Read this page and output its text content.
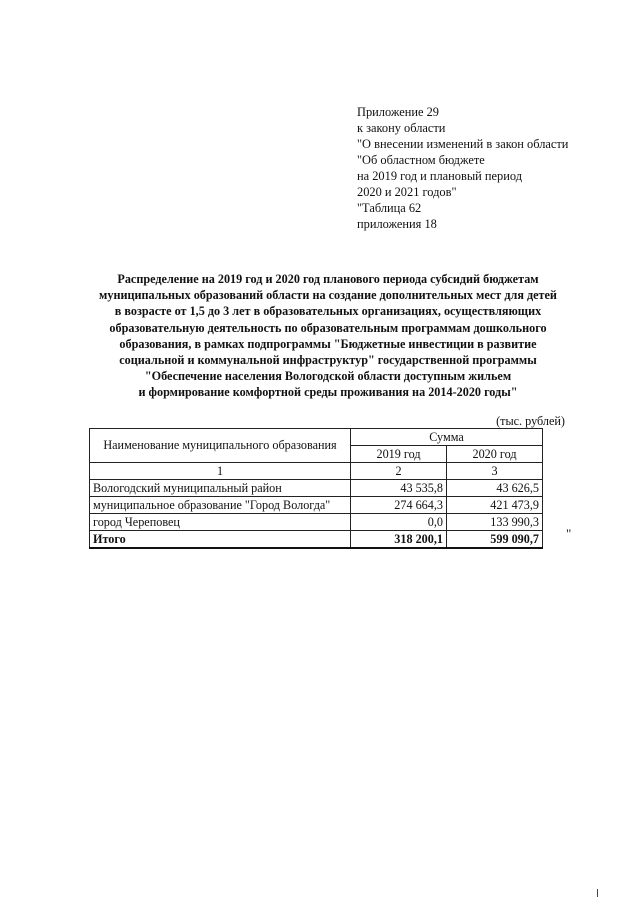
Приложение 29
к закону области
"О внесении изменений в закон области
"Об областном бюджете
на 2019 год и плановый период
2020 и 2021 годов"
"Таблица 62
приложения 18
Распределение на 2019 год и 2020 год планового периода субсидий бюджетам
муниципальных образований области на создание дополнительных мест для детей
в возрасте от 1,5 до 3 лет в образовательных организациях, осуществляющих
образовательную деятельность по образовательным программам дошкольного
образования, в рамках подпрограммы "Бюджетные инвестиции в развитие
социальной и коммунальной инфраструктур" государственной программы
"Обеспечение населения Вологодской области доступным жильем
и формирование комфортной среды проживания на 2014-2020 годы"
(тыс. рублей)
Наименование муниципального образования	Сумма	
	2019 год	2020 год
1	2	3
Вологодский муниципальный район	43 535,8	43 626,5
муниципальное образование "Город Вологда"	274 664,3	421 473,9
город Череповец	0,0	133 990,3
Итого	318 200,1	599 090,7 "
